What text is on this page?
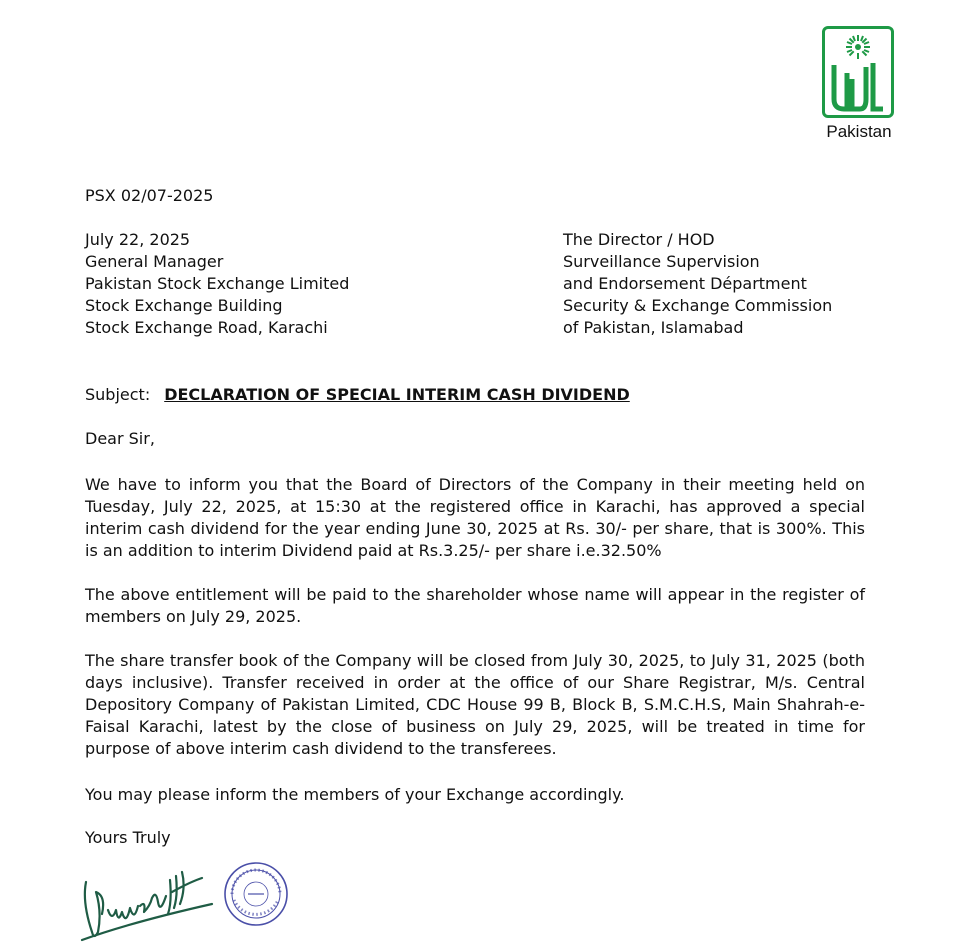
Pakistan
PSX 02/07-2025
July 22, 2025
General Manager
Pakistan Stock Exchange Limited
Stock Exchange Building
Stock Exchange Road, Karachi
The Director / HOD
Surveillance Supervision
and Endorsement Départment
Security & Exchange Commission
of Pakistan, Islamabad
Subject: DECLARATION OF SPECIAL INTERIM CASH DIVIDEND
Dear Sir,
We have to inform you that the Board of Directors of the Company in their meeting held on Tuesday, July 22, 2025, at 15:30 at the registered office in Karachi, has approved a special interim cash dividend for the year ending June 30, 2025 at Rs. 30/- per share, that is 300%. This is an addition to interim Dividend paid at Rs.3.25/- per share i.e.32.50%
The above entitlement will be paid to the shareholder whose name will appear in the register of members on July 29, 2025.
The share transfer book of the Company will be closed from July 30, 2025, to July 31, 2025 (both days inclusive). Transfer received in order at the office of our Share Registrar, M/s. Central Depository Company of Pakistan Limited, CDC House 99 B, Block B, S.M.C.H.S, Main Shahrah-e-Faisal Karachi, latest by the close of business on July 29, 2025, will be treated in time for purpose of above interim cash dividend to the transferees.
You may please inform the members of your Exchange accordingly.
Yours Truly
